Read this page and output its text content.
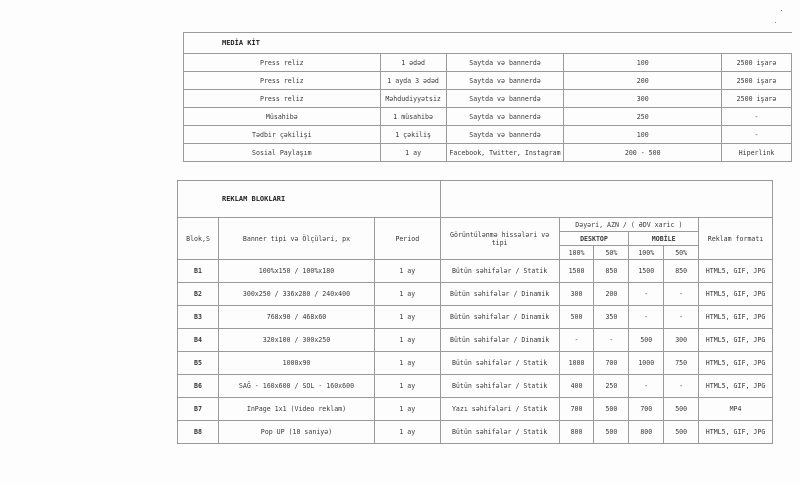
MEDİA KİT				
Press reliz	1 ədəd	Saytda və bannerdə	100	2500 işarə
Press reliz	1 ayda 3 ədəd	Saytda və bannerdə	200	2500 işarə
Press reliz	Məhdudiyyətsiz	Saytda və bannerdə	300	2500 işarə
Müsahibə	1 müsahibə	Saytda və bannerdə	250	-
Tədbir çəkilişi	1 çəkiliş	Saytda və bannerdə	100	-
Sosial Paylaşım	1 ay	Facebook, Twitter, Instagram	200 - 500	Hiperlink
REKLAM BLOKLARI								
Blok,S	Banner tipi və Ölçüləri, px	Period	Görüntülənmə hissələri və tipi	Dəyəri, AZN / ( ƏDV xaric )				Reklam formatı
				DESKTOP		MOBİLE		
				100%	50%	100%	50%	
B1	100%x150 / 100%x180	1 ay	Bütün səhifələr / Statik	1500	850	1500	850	HTML5, GIF, JPG
B2	300x250 / 336x280 / 240x400	1 ay	Bütün səhifələr / Dinamik	300	200	-	-	HTML5, GIF, JPG
B3	768x90 / 468x60	1 ay	Bütün səhifələr / Dinamik	500	350	-	-	HTML5, GIF, JPG
B4	320x100 / 300x250	1 ay	Bütün səhifələr / Dinamik	-	-	500	300	HTML5, GIF, JPG
B5	1000x90	1 ay	Bütün səhifələr / Statik	1000	700	1000	750	HTML5, GIF, JPG
B6	SAĞ - 160x600 / SOL - 160x600	1 ay	Bütün səhifələr / Statik	400	250	-	-	HTML5, GIF, JPG
B7	InPage 1x1 (Video reklam)	1 ay	Yazı səhifələri / Statik	700	500	700	500	MP4
B8	Pop UP (10 saniyə)	1 ay	Bütün səhifələr / Statik	800	500	800	500	HTML5, GIF, JPG
